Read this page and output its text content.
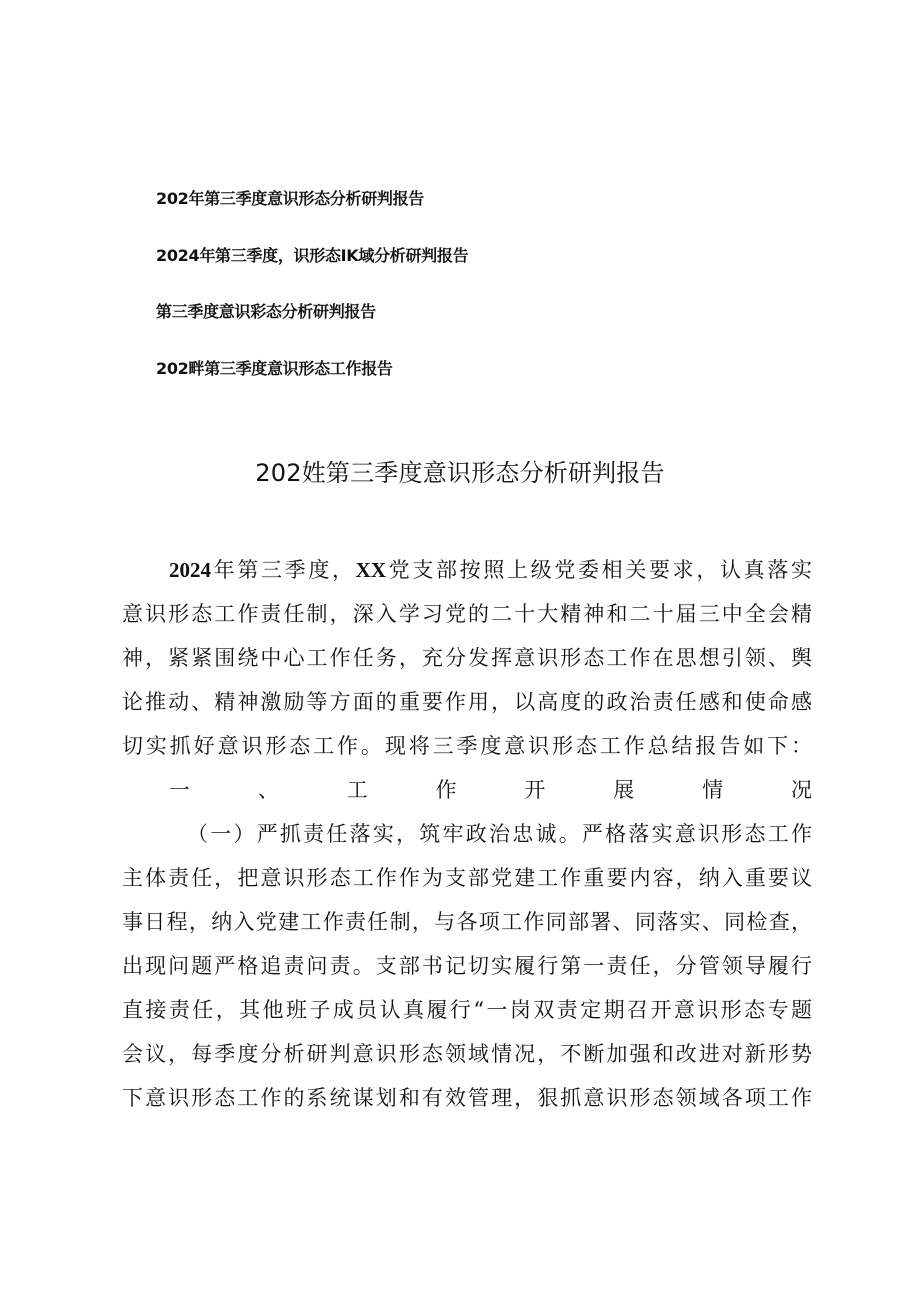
202年第三季度意识形态分析研判报告
2024年第三季度，识形态IK域分析研判报告
第三季度意识彩态分析研判报告
202畔第三季度意识形态工作报告
202姓第三季度意识形态分析研判报告
2024年第三季度，XX党支部按照上级党委相关要求，认真落实
意识形态工作责任制，深入学习党的二十大精神和二十届三中全会精
神，紧紧围绕中心工作任务，充分发挥意识形态工作在思想引领、舆
论推动、精神激励等方面的重要作用，以高度的政治责任感和使命感
切实抓好意识形态工作。现将三季度意识形态工作总结报告如下：
一、工作开展情况
（一）严抓责任落实，筑牢政治忠诚。严格落实意识形态工作
主体责任，把意识形态工作作为支部党建工作重要内容，纳入重要议
事日程，纳入党建工作责任制，与各项工作同部署、同落实、同检查，
出现问题严格追责问责。支部书记切实履行第一责任，分管领导履行
直接责任，其他班子成员认真履行“一岗双责定期召开意识形态专题
会议，每季度分析研判意识形态领域情况，不断加强和改进对新形势
下意识形态工作的系统谋划和有效管理，狠抓意识形态领域各项工作
